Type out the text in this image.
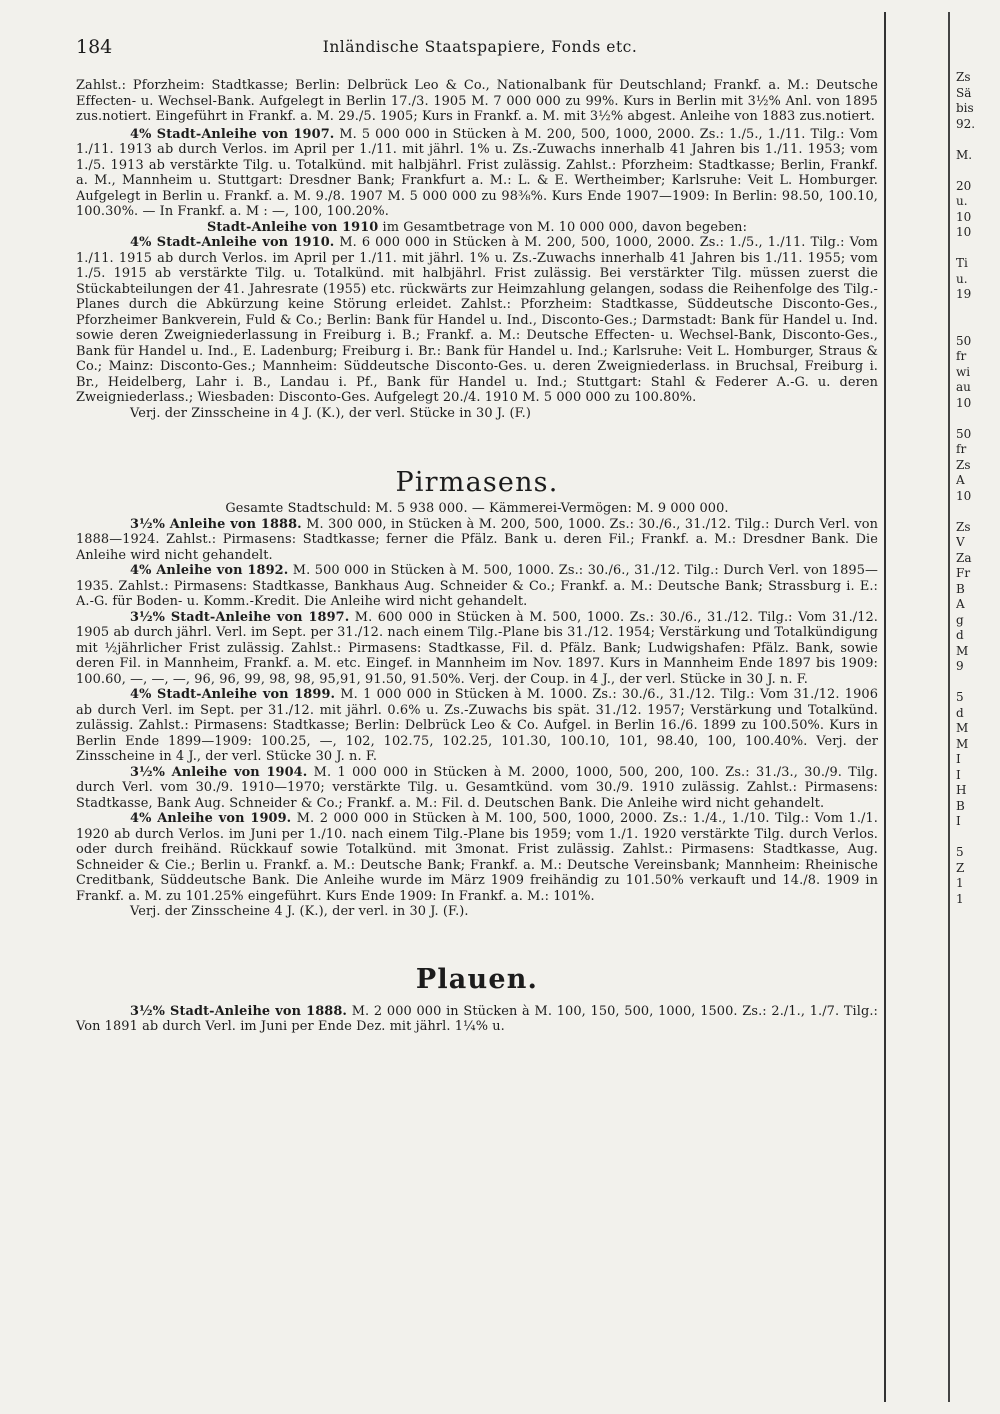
184	Inländische Staatspapiere, Fonds etc.

Zahlst.: Pforzheim: Stadtkasse; Berlin: Delbrück Leo & Co., Nationalbank für Deutschland; Frankf. a. M.: Deutsche Effecten- u. Wechsel-Bank. Aufgelegt in Berlin 17./3. 1905 M. 7 000 000 zu 99%. Kurs in Berlin mit 3½% Anl. von 1895 zus.notiert. Eingeführt in Frankf. a. M. 29./5. 1905; Kurs in Frankf. a. M. mit 3½% abgest. Anleihe von 1883 zus.notiert.

4% Stadt-Anleihe von 1907. M. 5 000 000 in Stücken à M. 200, 500, 1000, 2000. Zs.: 1./5., 1./11. Tilg.: Vom 1./11. 1913 ab durch Verlos. im April per 1./11. mit jährl. 1% u. Zs.-Zuwachs innerhalb 41 Jahren bis 1./11. 1953; vom 1./5. 1913 ab verstärkte Tilg. u. Totalkünd. mit halbjährl. Frist zulässig. Zahlst.: Pforzheim: Stadtkasse; Berlin, Frankf. a. M., Mannheim u. Stuttgart: Dresdner Bank; Frankfurt a. M.: L. & E. Wertheimber; Karlsruhe: Veit L. Homburger. Aufgelegt in Berlin u. Frankf. a. M. 9./8. 1907 M. 5 000 000 zu 98⅜%. Kurs Ende 1907—1909: In Berlin: 98.50, 100.10, 100.30%. — In Frankf. a. M : —, 100, 100.20%.

Stadt-Anleihe von 1910 im Gesamtbetrage von M. 10 000 000, davon begeben:

4% Stadt-Anleihe von 1910. M. 6 000 000 in Stücken à M. 200, 500, 1000, 2000. Zs.: 1./5., 1./11. Tilg.: Vom 1./11. 1915 ab durch Verlos. im April per 1./11. mit jährl. 1% u. Zs.-Zuwachs innerhalb 41 Jahren bis 1./11. 1955; vom 1./5. 1915 ab verstärkte Tilg. u. Totalkünd. mit halbjährl. Frist zulässig. Bei verstärkter Tilg. müssen zuerst die Stückabteilungen der 41. Jahresrate (1955) etc. rückwärts zur Heimzahlung gelangen, sodass die Reihenfolge des Tilg.-Planes durch die Abkürzung keine Störung erleidet. Zahlst.: Pforzheim: Stadtkasse, Süddeutsche Disconto-Ges., Pforzheimer Bankverein, Fuld & Co.; Berlin: Bank für Handel u. Ind., Disconto-Ges.; Darmstadt: Bank für Handel u. Ind. sowie deren Zweigniederlassung in Freiburg i. B.; Frankf. a. M.: Deutsche Effecten- u. Wechsel-Bank, Disconto-Ges., Bank für Handel u. Ind., E. Ladenburg; Freiburg i. Br.: Bank für Handel u. Ind.; Karlsruhe: Veit L. Homburger, Straus & Co.; Mainz: Disconto-Ges.; Mannheim: Süddeutsche Disconto-Ges. u. deren Zweigniederlass. in Bruchsal, Freiburg i. Br., Heidelberg, Lahr i. B., Landau i. Pf., Bank für Handel u. Ind.; Stuttgart: Stahl & Federer A.-G. u. deren Zweigniederlass.; Wiesbaden: Disconto-Ges. Aufgelegt 20./4. 1910 M. 5 000 000 zu 100.80%.

Verj. der Zinsscheine in 4 J. (K.), der verl. Stücke in 30 J. (F.)

Pirmasens.

Gesamte Stadtschuld: M. 5 938 000. — Kämmerei-Vermögen: M. 9 000 000.

3½% Anleihe von 1888. M. 300 000, in Stücken à M. 200, 500, 1000. Zs.: 30./6., 31./12. Tilg.: Durch Verl. von 1888—1924. Zahlst.: Pirmasens: Stadtkasse; ferner die Pfälz. Bank u. deren Fil.; Frankf. a. M.: Dresdner Bank. Die Anleihe wird nicht gehandelt.

4% Anleihe von 1892. M. 500 000 in Stücken à M. 500, 1000. Zs.: 30./6., 31./12. Tilg.: Durch Verl. von 1895—1935. Zahlst.: Pirmasens: Stadtkasse, Bankhaus Aug. Schneider & Co.; Frankf. a. M.: Deutsche Bank; Strassburg i. E.: A.-G. für Boden- u. Komm.-Kredit. Die Anleihe wird nicht gehandelt.

3½% Stadt-Anleihe von 1897. M. 600 000 in Stücken à M. 500, 1000. Zs.: 30./6., 31./12. Tilg.: Vom 31./12. 1905 ab durch jährl. Verl. im Sept. per 31./12. nach einem Tilg.-Plane bis 31./12. 1954; Verstärkung und Totalkündigung mit ½jährlicher Frist zulässig. Zahlst.: Pirmasens: Stadtkasse, Fil. d. Pfälz. Bank; Ludwigshafen: Pfälz. Bank, sowie deren Fil. in Mannheim, Frankf. a. M. etc. Eingef. in Mannheim im Nov. 1897. Kurs in Mannheim Ende 1897 bis 1909: 100.60, —, —, —, 96, 96, 99, 98, 98, 95,91, 91.50, 91.50%. Verj. der Coup. in 4 J., der verl. Stücke in 30 J. n. F.

4% Stadt-Anleihe von 1899. M. 1 000 000 in Stücken à M. 1000. Zs.: 30./6., 31./12. Tilg.: Vom 31./12. 1906 ab durch Verl. im Sept. per 31./12. mit jährl. 0.6% u. Zs.-Zuwachs bis spät. 31./12. 1957; Verstärkung und Totalkünd. zulässig. Zahlst.: Pirmasens: Stadtkasse; Berlin: Delbrück Leo & Co. Aufgel. in Berlin 16./6. 1899 zu 100.50%. Kurs in Berlin Ende 1899—1909: 100.25, —, 102, 102.75, 102.25, 101.30, 100.10, 101, 98.40, 100, 100.40%. Verj. der Zinsscheine in 4 J., der verl. Stücke 30 J. n. F.

3½% Anleihe von 1904. M. 1 000 000 in Stücken à M. 2000, 1000, 500, 200, 100. Zs.: 31./3., 30./9. Tilg. durch Verl. vom 30./9. 1910—1970; verstärkte Tilg. u. Gesamtkünd. vom 30./9. 1910 zulässig. Zahlst.: Pirmasens: Stadtkasse, Bank Aug. Schneider & Co.; Frankf. a. M.: Fil. d. Deutschen Bank. Die Anleihe wird nicht gehandelt.

4% Anleihe von 1909. M. 2 000 000 in Stücken à M. 100, 500, 1000, 2000. Zs.: 1./4., 1./10. Tilg.: Vom 1./1. 1920 ab durch Verlos. im Juni per 1./10. nach einem Tilg.-Plane bis 1959; vom 1./1. 1920 verstärkte Tilg. durch Verlos. oder durch freihänd. Rückkauf sowie Totalkünd. mit 3monat. Frist zulässig. Zahlst.: Pirmasens: Stadtkasse, Aug. Schneider & Cie.; Berlin u. Frankf. a. M.: Deutsche Bank; Frankf. a. M.: Deutsche Vereinsbank; Mannheim: Rheinische Creditbank, Süddeutsche Bank. Die Anleihe wurde im März 1909 freihändig zu 101.50% verkauft und 14./8. 1909 in Frankf. a. M. zu 101.25% eingeführt. Kurs Ende 1909: In Frankf. a. M.: 101%.

Verj. der Zinsscheine 4 J. (K.), der verl. in 30 J. (F.).

Plauen.

3½% Stadt-Anleihe von 1888. M. 2 000 000 in Stücken à M. 100, 150, 500, 1000, 1500. Zs.: 2./1., 1./7. Tilg.: Von 1891 ab durch Verl. im Juni per Ende Dez. mit jährl. 1¼% u.

Zs
Sä
bis
92.
M.
20
u.
10
10
Ti
u.
19
50
fr
wi
au
10
50
fr
Zs
A
10
Zs
V
Za
Fr
B
A
g
d
M
9
5
d
M
M
I
I
H
B
I
5
Z
1
1
